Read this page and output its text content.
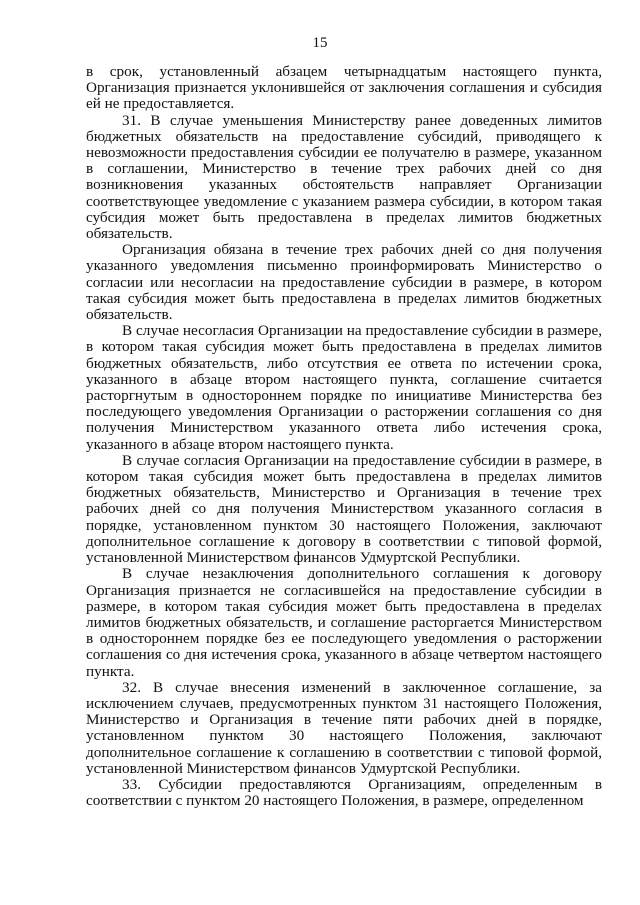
15

в срок, установленный абзацем четырнадцатым настоящего пункта, Организация признается уклонившейся от заключения соглашения и субсидия ей не предоставляется.

31. В случае уменьшения Министерству ранее доведенных лимитов бюджетных обязательств на предоставление субсидий, приводящего к невозможности предоставления субсидии ее получателю в размере, указанном в соглашении, Министерство в течение трех рабочих дней со дня возникновения указанных обстоятельств направляет Организации соответствующее уведомление с указанием размера субсидии, в котором такая субсидия может быть предоставлена в пределах лимитов бюджетных обязательств.

Организация обязана в течение трех рабочих дней со дня получения указанного уведомления письменно проинформировать Министерство о согласии или несогласии на предоставление субсидии в размере, в котором такая субсидия может быть предоставлена в пределах лимитов бюджетных обязательств.

В случае несогласия Организации на предоставление субсидии в размере, в котором такая субсидия может быть предоставлена в пределах лимитов бюджетных обязательств, либо отсутствия ее ответа по истечении срока, указанного в абзаце втором настоящего пункта, соглашение считается расторгнутым в одностороннем порядке по инициативе Министерства без последующего уведомления Организации о расторжении соглашения со дня получения Министерством указанного ответа либо истечения срока, указанного в абзаце втором настоящего пункта.

В случае согласия Организации на предоставление субсидии в размере, в котором такая субсидия может быть предоставлена в пределах лимитов бюджетных обязательств, Министерство и Организация в течение трех рабочих дней со дня получения Министерством указанного согласия в порядке, установленном пунктом 30 настоящего Положения, заключают дополнительное соглашение к договору в соответствии с типовой формой, установленной Министерством финансов Удмуртской Республики.

В случае незаключения дополнительного соглашения к договору Организация признается не согласившейся на предоставление субсидии в размере, в котором такая субсидия может быть предоставлена в пределах лимитов бюджетных обязательств, и соглашение расторгается Министерством в одностороннем порядке без ее последующего уведомления о расторжении соглашения со дня истечения срока, указанного в абзаце четвертом настоящего пункта.

32. В случае внесения изменений в заключенное соглашение, за исключением случаев, предусмотренных пунктом 31 настоящего Положения, Министерство и Организация в течение пяти рабочих дней в порядке, установленном пунктом 30 настоящего Положения, заключают дополнительное соглашение к соглашению в соответствии с типовой формой, установленной Министерством финансов Удмуртской Республики.

33. Субсидии предоставляются Организациям, определенным в соответствии с пунктом 20 настоящего Положения, в размере, определенном
